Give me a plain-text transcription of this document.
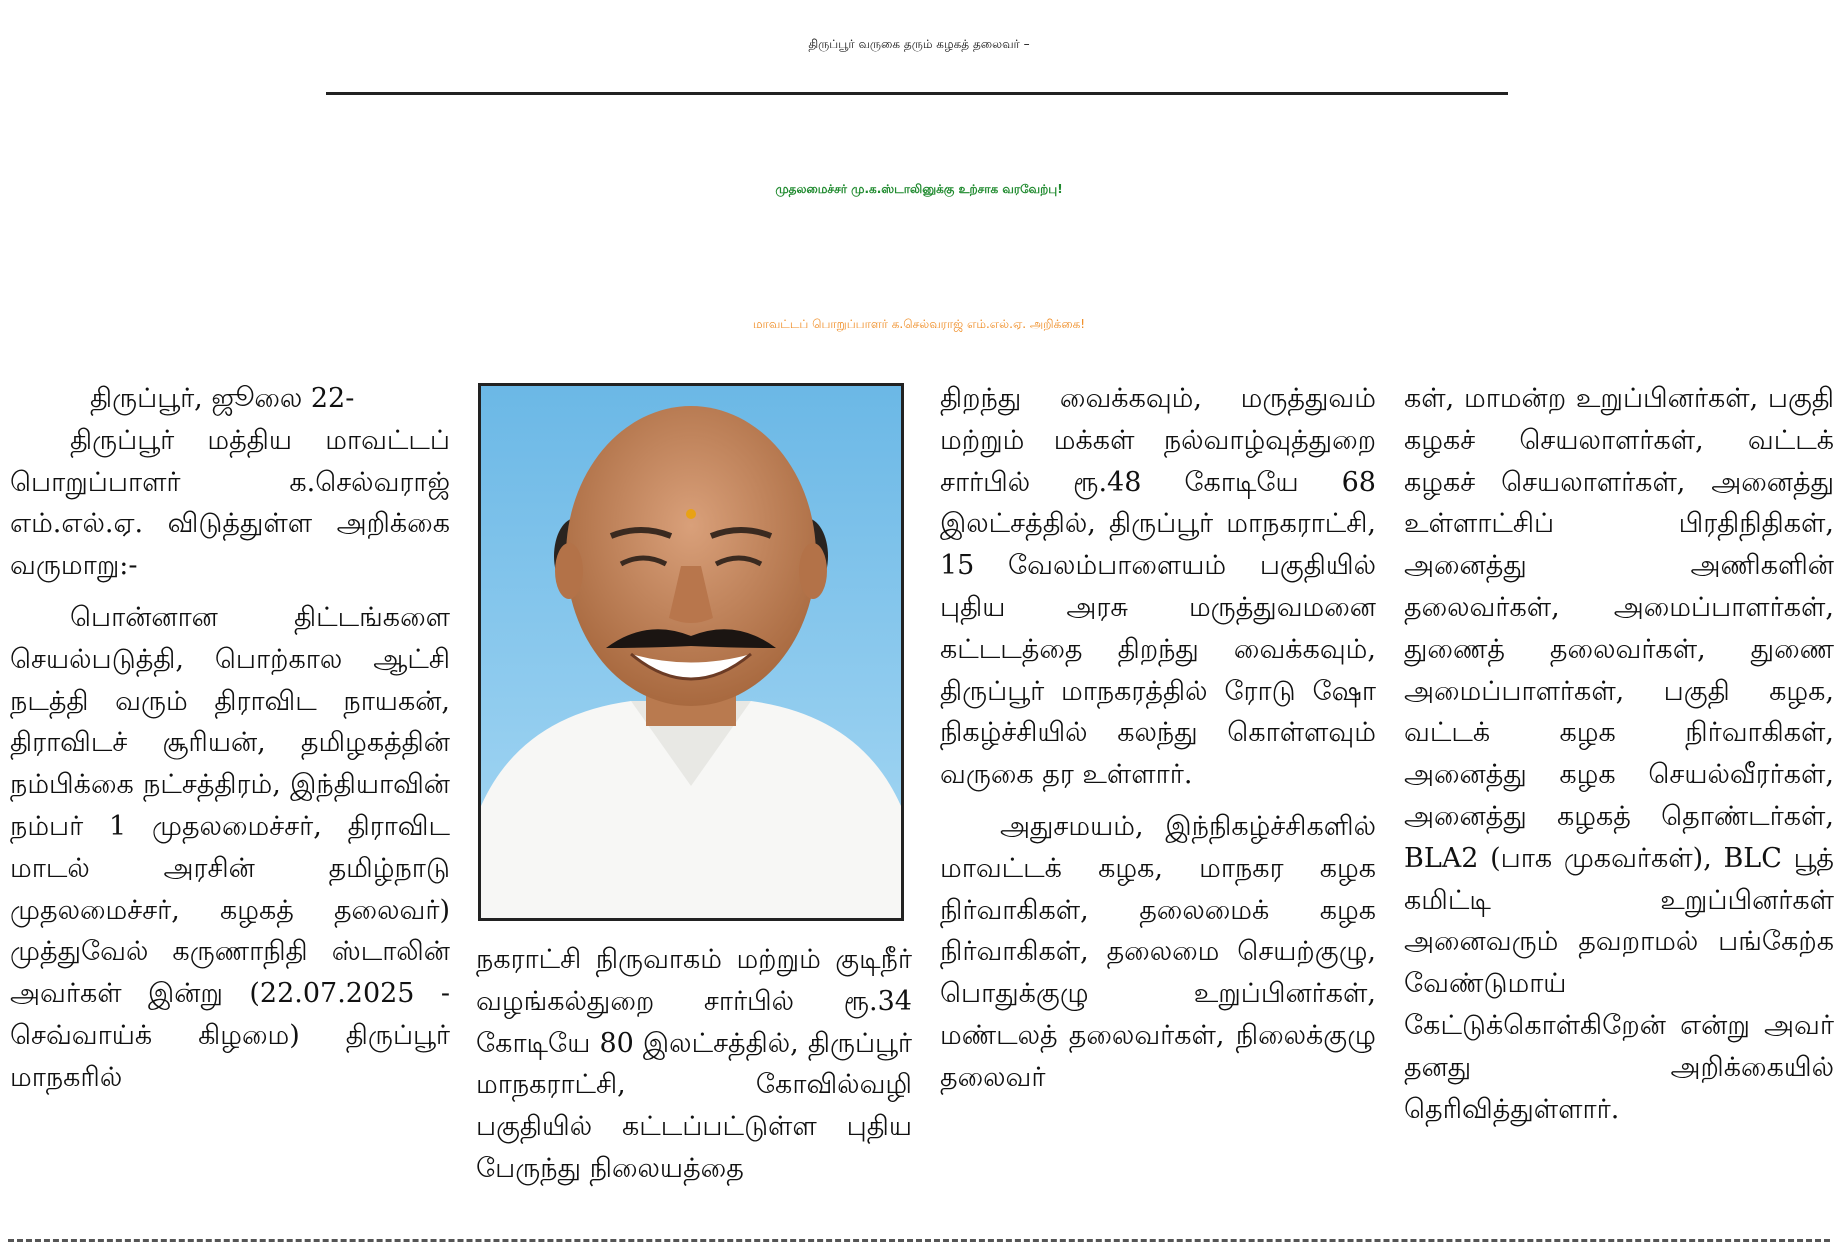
திருப்பூர் வருகை தரும் கழகத் தலைவர் –
முதலமைச்சர் மு.க.ஸ்டாலினுக்கு உற்சாக வரவேற்பு!
மாவட்டப் பொறுப்பாளர் க.செல்வராஜ் எம்.எல்.ஏ. அறிக்கை!

திருப்பூர், ஜூலை 22-

திருப்பூர் மத்திய மாவட்டப் பொறுப்பாளர் க.செல்வராஜ் எம்.எல்.ஏ. விடுத்துள்ள அறிக்கை வருமாறு:-

பொன்னான திட்டங்களை செயல்படுத்தி, பொற்கால ஆட்சி நடத்தி வரும் திராவிட நாயகன், திராவிடச் சூரியன், தமிழகத்தின் நம்பிக்கை நட்சத்திரம், இந்தியாவின் நம்பர் 1 முதலமைச்சர், திராவிட மாடல் அரசின் தமிழ்நாடு முதலமைச்சர், கழகத் தலைவர்) முத்துவேல் கருணாநிதி ஸ்டாலின் அவர்கள் இன்று (22.07.2025 - செவ்வாய்க் கிழமை) திருப்பூர் மாநகரில்

நகராட்சி நிருவாகம் மற்றும் குடிநீர் வழங்கல்துறை சார்பில் ரூ.34 கோடியே 80 இலட்சத்தில், திருப்பூர் மாநகராட்சி, கோவில்வழி பகுதியில் கட்டப்பட்டுள்ள புதிய பேருந்து நிலையத்தை

திறந்து வைக்கவும், மருத்துவம் மற்றும் மக்கள் நல்வாழ்வுத்துறை சார்பில் ரூ.48 கோடியே 68 இலட்சத்தில், திருப்பூர் மாநகராட்சி, 15 வேலம்பாளையம் பகுதியில் புதிய அரசு மருத்துவமனை கட்டடத்தை திறந்து வைக்கவும், திருப்பூர் மாநகரத்தில் ரோடு ஷோ நிகழ்ச்சியில் கலந்து கொள்ளவும் வருகை தர உள்ளார்.

அதுசமயம், இந்நிகழ்ச்சிகளில் மாவட்டக் கழக, மாநகர கழக நிர்வாகிகள், தலைமைக் கழக நிர்வாகிகள், தலைமை செயற்குழு, பொதுக்குழு உறுப்பினர்கள், மண்டலத் தலைவர்கள், நிலைக்குழு தலைவர்

கள், மாமன்ற உறுப்பினர்கள், பகுதி கழகச் செயலாளர்கள், வட்டக் கழகச் செயலாளர்கள், அனைத்து உள்ளாட்சிப் பிரதிநிதிகள், அனைத்து அணிகளின் தலைவர்கள், அமைப்பாளர்கள், துணைத் தலைவர்கள், துணை அமைப்பாளர்கள், பகுதி கழக, வட்டக் கழக நிர்வாகிகள், அனைத்து கழக செயல்வீரர்கள், அனைத்து கழகத் தொண்டர்கள், BLA2 (பாக முகவர்கள்), BLC பூத் கமிட்டி உறுப்பினர்கள் அனைவரும் தவறாமல் பங்கேற்க வேண்டுமாய் கேட்டுக்கொள்கிறேன் என்று அவர் தனது அறிக்கையில் தெரிவித்துள்ளார்.
